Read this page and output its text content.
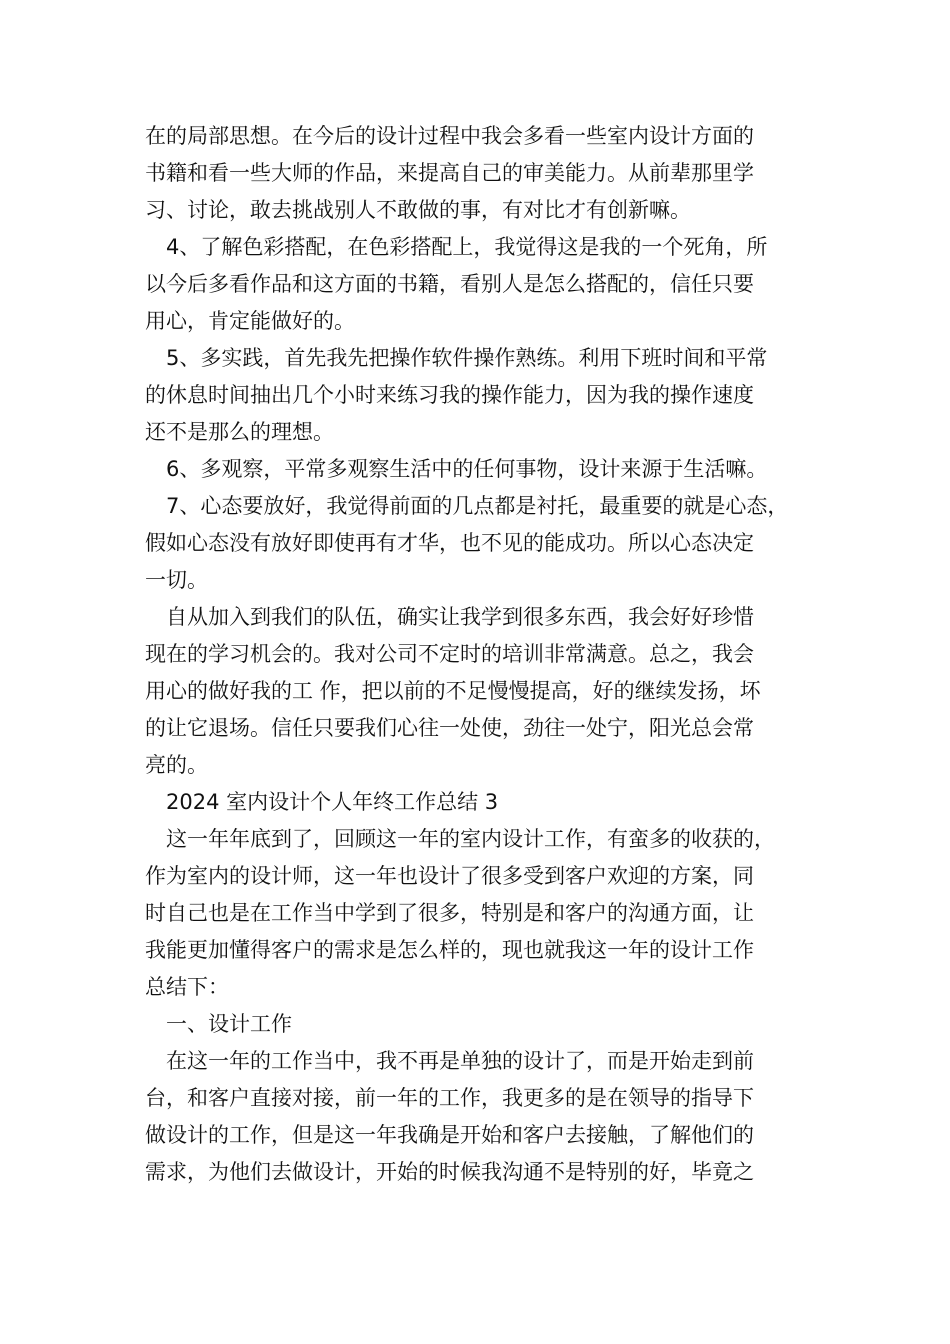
在的局部思想。在今后的设计过程中我会多看一些室内设计方面的
书籍和看一些大师的作品，来提高自己的审美能力。从前辈那里学
习、讨论，敢去挑战别人不敢做的事，有对比才有创新嘛。
4、了解色彩搭配，在色彩搭配上，我觉得这是我的一个死角，所
以今后多看作品和这方面的书籍，看别人是怎么搭配的，信任只要
用心，肯定能做好的。
5、多实践，首先我先把操作软件操作熟练。利用下班时间和平常
的休息时间抽出几个小时来练习我的操作能力，因为我的操作速度
还不是那么的理想。
6、多观察，平常多观察生活中的任何事物，设计来源于生活嘛。
7、心态要放好，我觉得前面的几点都是衬托，最重要的就是心态，
假如心态没有放好即使再有才华，也不见的能成功。所以心态决定
一切。
自从加入到我们的队伍，确实让我学到很多东西，我会好好珍惜
现在的学习机会的。我对公司不定时的培训非常满意。总之，我会
用心的做好我的工 作，把以前的不足慢慢提高，好的继续发扬，坏
的让它退场。信任只要我们心往一处使，劲往一处宁，阳光总会常
亮的。
2024 室内设计个人年终工作总结 3
这一年年底到了，回顾这一年的室内设计工作，有蛮多的收获的，
作为室内的设计师，这一年也设计了很多受到客户欢迎的方案，同
时自己也是在工作当中学到了很多，特别是和客户的沟通方面，让
我能更加懂得客户的需求是怎么样的，现也就我这一年的设计工作
总结下：
一、设计工作
在这一年的工作当中，我不再是单独的设计了，而是开始走到前
台，和客户直接对接，前一年的工作，我更多的是在领导的指导下
做设计的工作，但是这一年我确是开始和客户去接触，了解他们的
需求，为他们去做设计，开始的时候我沟通不是特别的好，毕竟之
